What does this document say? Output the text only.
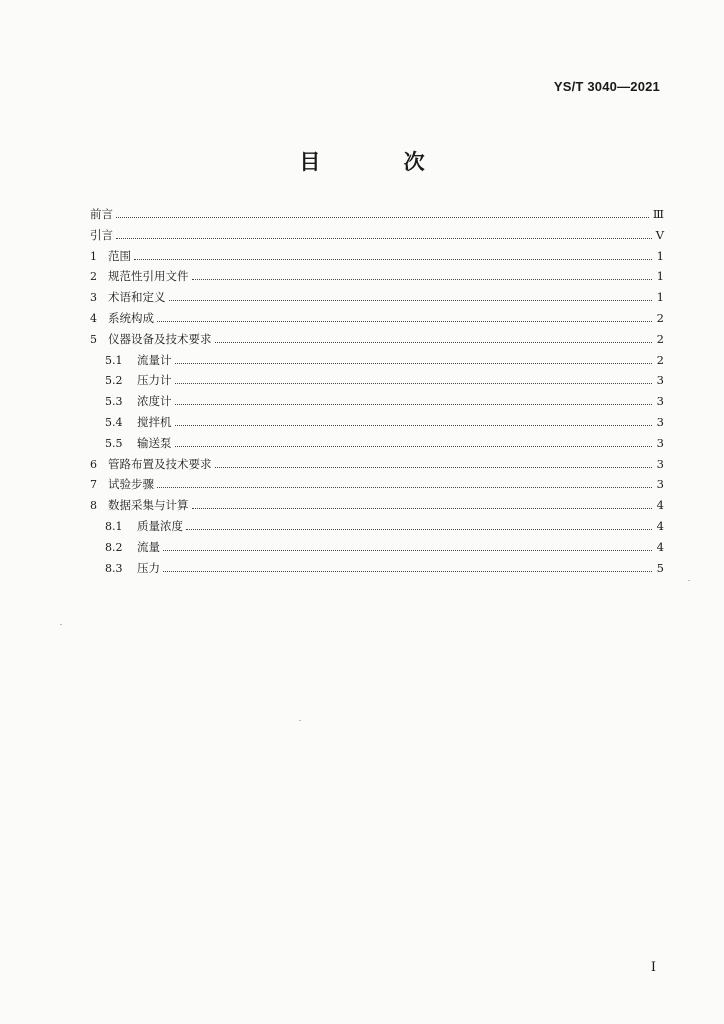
YS/T 3040—2021
目 次
前言	Ⅲ
引言	Ⅴ
1 范围	1
2 规范性引用文件	1
3 术语和定义	1
4 系统构成	2
5 仪器设备及技术要求	2
5.1	流量计	2
5.2	压力计	3
5.3	浓度计	3
5.4	搅拌机	3
5.5	输送泵	3
6 管路布置及技术要求	3
7 试验步骤	3
8 数据采集与计算	4
8.1	质量浓度	4
8.2	流量	4
8.3	压力	5
I
